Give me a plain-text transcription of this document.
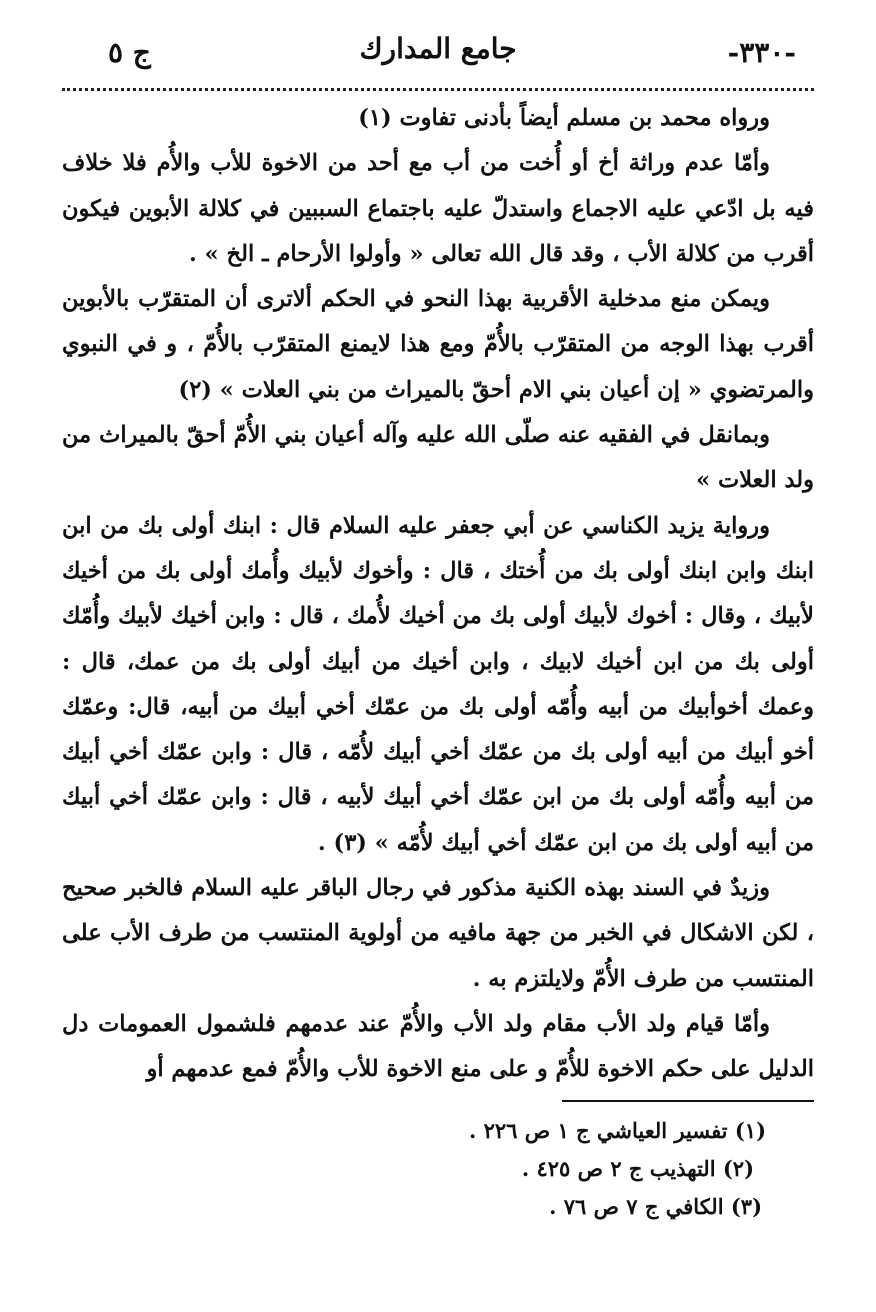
-٣٣٠-
جامع المدارك
ج ٥

ورواه محمد بن مسلم أيضاً بأدنى تفاوت (١)

وأمّا عدم وراثة أخ أو أُخت من أب مع أحد من الاخوة للأب والأُم فلا خلاف فيه بل ادّعي عليه الاجماع واستدلّ عليه باجتماع السببين في كلالة الأبوين فيكون أقرب من كلالة الأب ، وقد قال الله تعالى « وأولوا الأرحام ـ الخ » .

ويمكن منع مدخلية الأقربية بهذا النحو في الحكم ألاترى أن المتقرّب بالأبوين أقرب بهذا الوجه من المتقرّب بالأُمّ ومع هذا لايمنع المتقرّب بالأُمّ ، و في النبوي والمرتضوي « إن أعيان بني الام أحقّ بالميراث من بني العلات » (٢)

وبمانقل في الفقيه عنه صلّى الله عليه وآله أعيان بني الأُمّ أحقّ بالميراث من ولد العلات »

ورواية يزيد الكناسي عن أبي جعفر عليه السلام قال : ابنك أولى بك من ابن ابنك وابن ابنك أولى بك من أُختك ، قال : وأخوك لأبيك وأُمك أولى بك من أخيك لأبيك ، وقال : أخوك لأبيك أولى بك من أخيك لأُمك ، قال : وابن أخيك لأبيك وأُمّك أولى بك من ابن أخيك لابيك ، وابن أخيك من أبيك أولى بك من عمك، قال : وعمك أخوأبيك من أبيه وأُمّه أولى بك من عمّك أخي أبيك من أبيه، قال: وعمّك أخو أبيك من أبيه أولى بك من عمّك أخي أبيك لأُمّه ، قال : وابن عمّك أخي أبيك من أبيه وأُمّه أولى بك من ابن عمّك أخي أبيك لأبيه ، قال : وابن عمّك أخي أبيك من أبيه أولى بك من ابن عمّك أخي أبيك لأُمّه » (٣) .

وزيدٌ في السند بهذه الكنية مذكور في رجال الباقر عليه السلام فالخبر صحيح ، لكن الاشكال في الخبر من جهة مافيه من أولوية المنتسب من طرف الأب على المنتسب من طرف الأُمّ ولايلتزم به .

وأمّا قيام ولد الأب مقام ولد الأب والأُمّ عند عدمهم فلشمول العمومات دل الدليل على حكم الاخوة للأُمّ و على منع الاخوة للأب والأُمّ فمع عدمهم أو

(١) تفسير العياشي ج ١ ص ٢٢٦ .
(٢) التهذيب ج ٢ ص ٤٢٥ .
(٣) الكافي ج ٧ ص ٧٦ .
